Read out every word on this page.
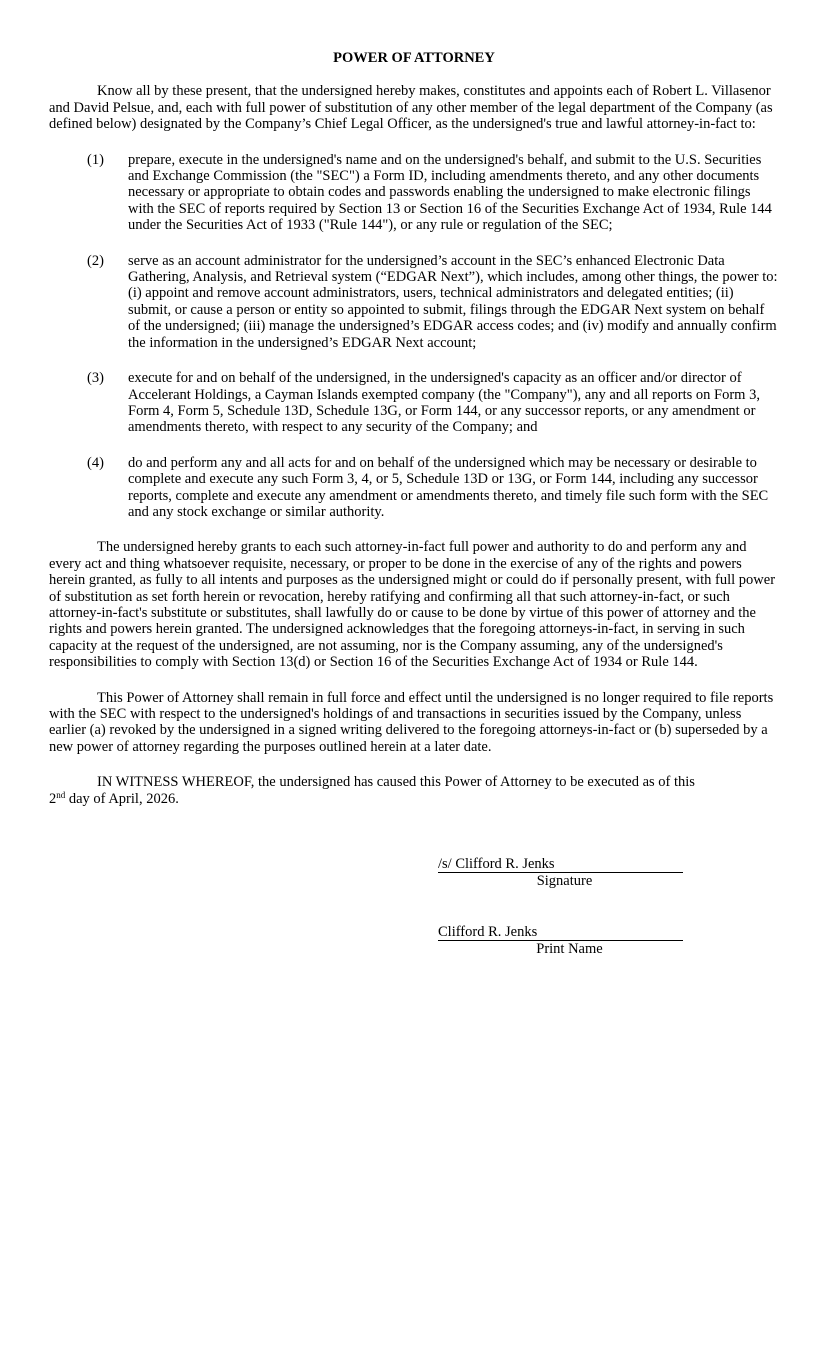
POWER OF ATTORNEY

Know all by these present, that the undersigned hereby makes, constitutes and appoints each of Robert L. Villasenor and David Pelsue, and, each with full power of substitution of any other member of the legal department of the Company (as defined below) designated by the Company’s Chief Legal Officer, as the undersigned's true and lawful attorney-in-fact to:

(1)	prepare, execute in the undersigned's name and on the undersigned's behalf, and submit to the U.S. Securities and Exchange Commission (the "SEC") a Form ID, including amendments thereto, and any other documents necessary or appropriate to obtain codes and passwords enabling the undersigned to make electronic filings with the SEC of reports required by Section 13 or Section 16 of the Securities Exchange Act of 1934, Rule 144 under the Securities Act of 1933 ("Rule 144"), or any rule or regulation of the SEC;
(2)	serve as an account administrator for the undersigned’s account in the SEC’s enhanced Electronic Data Gathering, Analysis, and Retrieval system (“EDGAR Next”), which includes, among other things, the power to: (i) appoint and remove account administrators, users, technical administrators and delegated entities; (ii) submit, or cause a person or entity so appointed to submit, filings through the EDGAR Next system on behalf of the undersigned; (iii) manage the undersigned’s EDGAR access codes; and (iv) modify and annually confirm the information in the undersigned’s EDGAR Next account;
(3)	execute for and on behalf of the undersigned, in the undersigned's capacity as an officer and/or director of Accelerant Holdings, a Cayman Islands exempted company (the "Company"), any and all reports on Form 3, Form 4, Form 5, Schedule 13D, Schedule 13G, or Form 144, or any successor reports, or any amendment or amendments thereto, with respect to any security of the Company; and
(4)	do and perform any and all acts for and on behalf of the undersigned which may be necessary or desirable to complete and execute any such Form 3, 4, or 5, Schedule 13D or 13G, or Form 144, including any successor reports, complete and execute any amendment or amendments thereto, and timely file such form with the SEC and any stock exchange or similar authority.

The undersigned hereby grants to each such attorney-in-fact full power and authority to do and perform any and every act and thing whatsoever requisite, necessary, or proper to be done in the exercise of any of the rights and powers herein granted, as fully to all intents and purposes as the undersigned might or could do if personally present, with full power of substitution as set forth herein or revocation, hereby ratifying and confirming all that such attorney-in-fact, or such attorney-in-fact's substitute or substitutes, shall lawfully do or cause to be done by virtue of this power of attorney and the rights and powers herein granted. The undersigned acknowledges that the foregoing attorneys-in-fact, in serving in such capacity at the request of the undersigned, are not assuming, nor is the Company assuming, any of the undersigned's responsibilities to comply with Section 13(d) or Section 16 of the Securities Exchange Act of 1934 or Rule 144.

This Power of Attorney shall remain in full force and effect until the undersigned is no longer required to file reports with the SEC with respect to the undersigned's holdings of and transactions in securities issued by the Company, unless earlier (a) revoked by the undersigned in a signed writing delivered to the foregoing attorneys-in-fact or (b) superseded by a new power of attorney regarding the purposes outlined herein at a later date.

IN WITNESS WHEREOF, the undersigned has caused this Power of Attorney to be executed as of this
2nd day of April, 2026.

/s/ Clifford R. Jenks
Signature
Clifford R. Jenks
Print Name
